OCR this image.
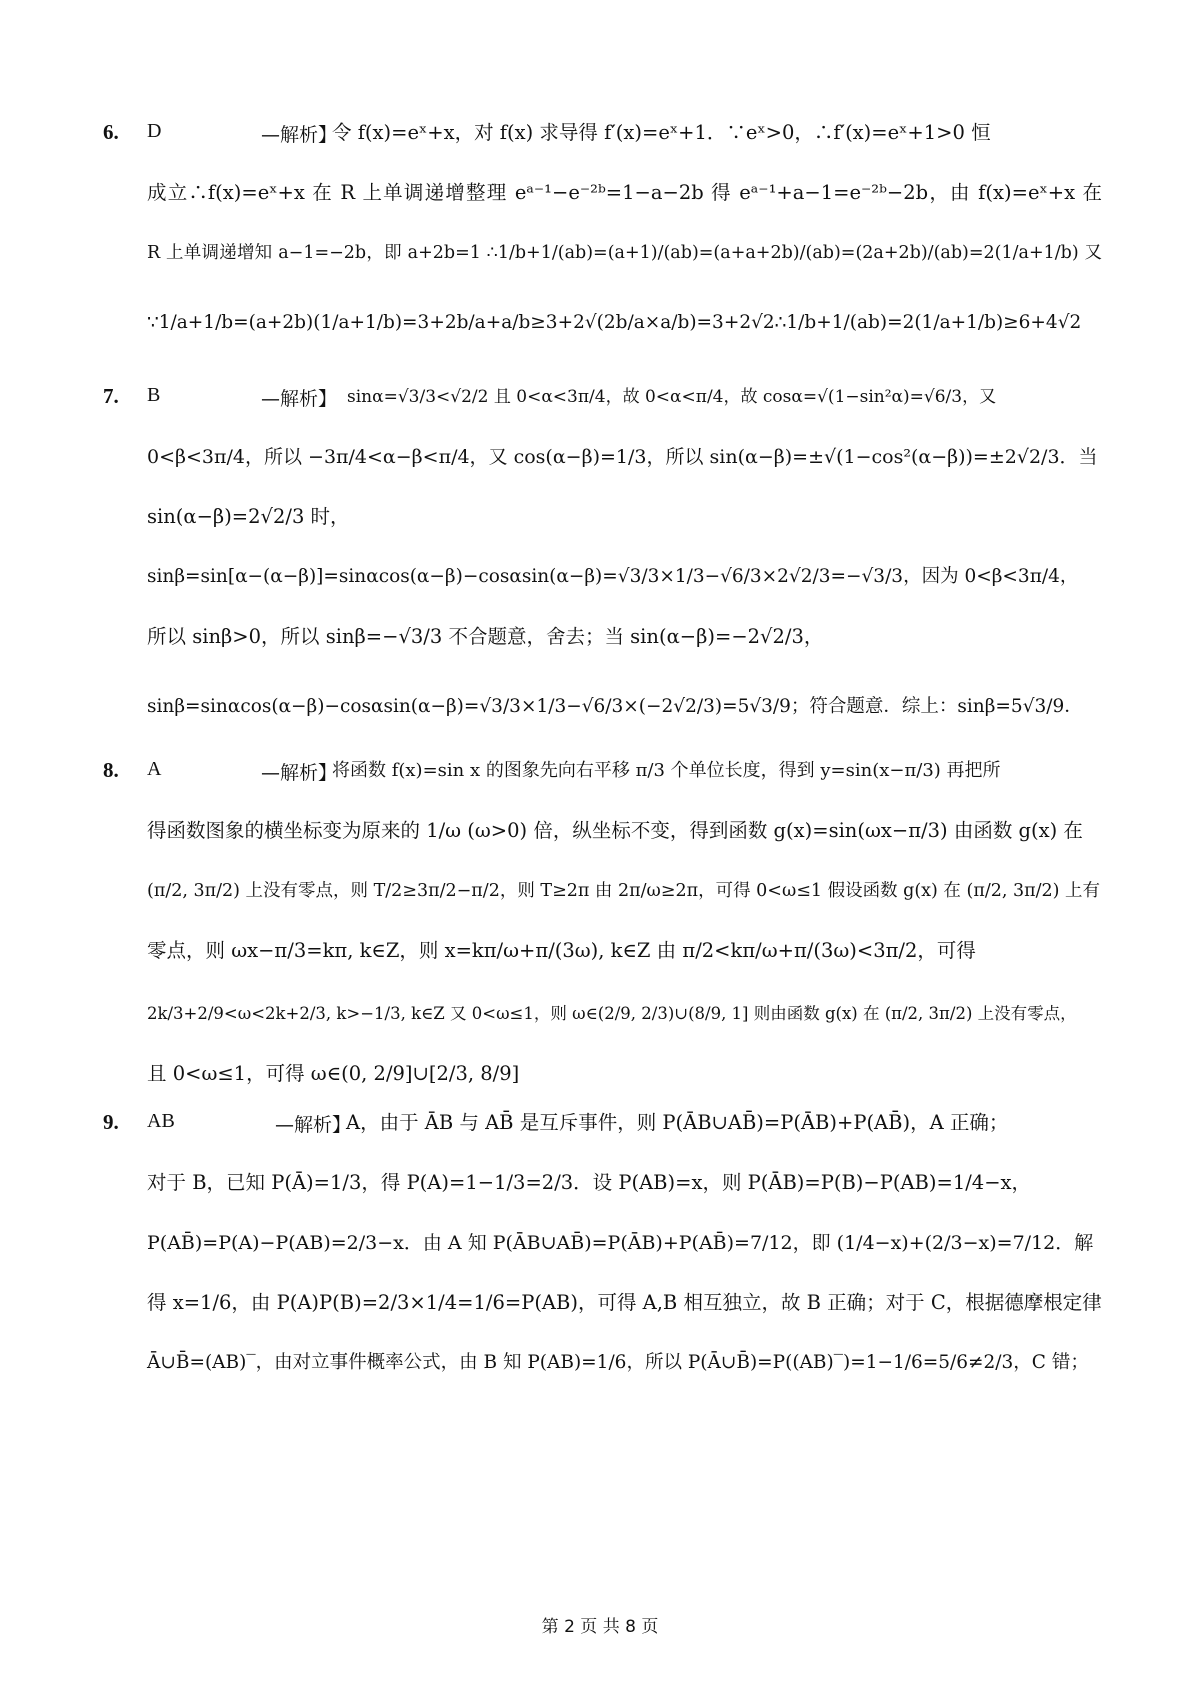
6. D	—解析】
令 f(x)=eˣ+x，对 f(x) 求导得 f′(x)=eˣ+1．∵eˣ>0，∴f′(x)=eˣ+1>0 恒
成立∴f(x)=eˣ+x 在 R 上单调递增整理 eᵃ⁻¹−e⁻²ᵇ=1−a−2b 得 eᵃ⁻¹+a−1=e⁻²ᵇ−2b，由 f(x)=eˣ+x 在
R 上单调递增知 a−1=−2b，即 a+2b=1 ∴1/b+1/(ab)=(a+1)/(ab)=(a+a+2b)/(ab)=(2a+2b)/(ab)=2(1/a+1/b) 又
∵1/a+1/b=(a+2b)(1/a+1/b)=3+2b/a+a/b≥3+2√(2b/a×a/b)=3+2√2∴1/b+1/(ab)=2(1/a+1/b)≥6+4√2
7. B	—解析】 sinα=√3/3<√2/2 且 0<α<3π/4，故 0<α<π/4，故 cosα=√(1−sin²α)=√6/3，又
0<β<3π/4，所以 −3π/4<α−β<π/4，又 cos(α−β)=1/3，所以 sin(α−β)=±√(1−cos²(α−β))=±2√2/3．当
sin(α−β)=2√2/3 时，
sinβ=sin[α−(α−β)]=sinαcos(α−β)−cosαsin(α−β)=√3/3×1/3−√6/3×2√2/3=−√3/3，因为 0<β<3π/4，
所以 sinβ>0，所以 sinβ=−√3/3 不合题意，舍去；当 sin(α−β)=−2√2/3，
sinβ=sinαcos(α−β)−cosαsin(α−β)=√3/3×1/3−√6/3×(−2√2/3)=5√3/9；符合题意．综上：sinβ=5√3/9．
8. A	—解析】
将函数 f(x)=sin x 的图象先向右平移 π/3 个单位长度，得到 y=sin(x−π/3) 再把所
得函数图象的横坐标变为原来的 1/ω (ω>0) 倍，纵坐标不变，得到函数 g(x)=sin(ωx−π/3) 由函数 g(x) 在
(π/2, 3π/2) 上没有零点，则 T/2≥3π/2−π/2，则 T≥2π 由 2π/ω≥2π，可得 0<ω≤1 假设函数 g(x) 在 (π/2, 3π/2) 上有
零点，则 ωx−π/3=kπ, k∈Z，则 x=kπ/ω+π/(3ω), k∈Z 由 π/2<kπ/ω+π/(3ω)<3π/2，可得
2k/3+2/9<ω<2k+2/3, k>−1/3, k∈Z 又 0<ω≤1，则 ω∈(2/9, 2/3)∪(8/9, 1] 则由函数 g(x) 在 (π/2, 3π/2) 上没有零点，
且 0<ω≤1，可得 ω∈(0, 2/9]∪[2/3, 8/9]
9. AB	—解析】
A，由于 ĀB 与 AB̄ 是互斥事件，则 P(ĀB∪AB̄)=P(ĀB)+P(AB̄)，A 正确；
对于 B，已知 P(Ā)=1/3，得 P(A)=1−1/3=2/3．设 P(AB)=x，则 P(ĀB)=P(B)−P(AB)=1/4−x，
P(AB̄)=P(A)−P(AB)=2/3−x．由 A 知 P(ĀB∪AB̄)=P(ĀB)+P(AB̄)=7/12，即 (1/4−x)+(2/3−x)=7/12．解
得 x=1/6，由 P(A)P(B)=2/3×1/4=1/6=P(AB)，可得 A,B 相互独立，故 B 正确；对于 C，根据德摩根定律
Ā∪B̄=(AB)‾，由对立事件概率公式，由 B 知 P(AB)=1/6，所以 P(Ā∪B̄)=P((AB)‾)=1−1/6=5/6≠2/3，C 错；
第 2 页 共 8 页
